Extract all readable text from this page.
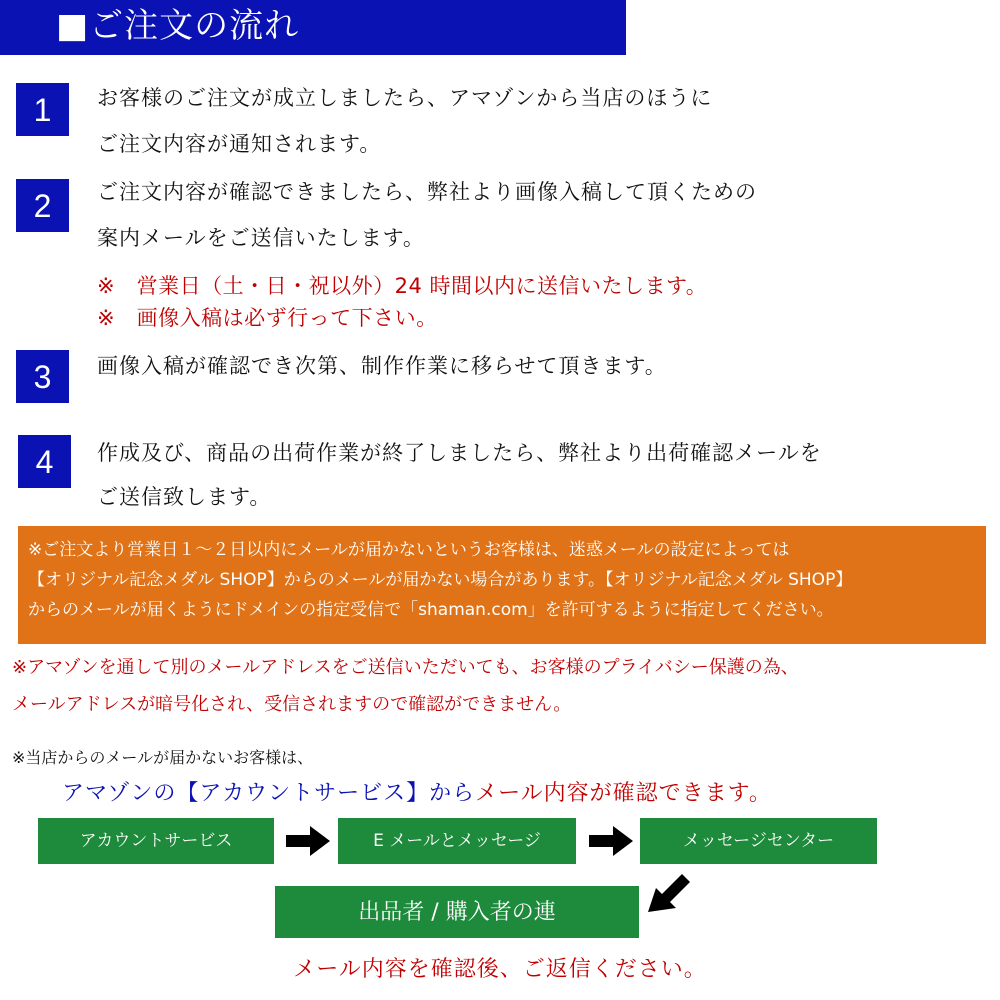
■ご注文の流れ
1	お客様のご注文が成立しましたら、アマゾンから当店のほうに
ご注文内容が通知されます。
2	ご注文内容が確認できましたら、弊社より画像入稿して頂くための
案内メールをご送信いたします。
※　営業日（土・日・祝以外）24 時間以内に送信いたします。
※　画像入稿は必ず行って下さい。
3	画像入稿が確認でき次第、制作作業に移らせて頂きます。
4	作成及び、商品の出荷作業が終了しましたら、弊社より出荷確認メールを
ご送信致します。
※ご注文より営業日１～２日以内にメールが届かないというお客様は、迷惑メールの設定によっては
【オリジナル記念メダル SHOP】からのメールが届かない場合があります。【オリジナル記念メダル SHOP】
からのメールが届くようにドメインの指定受信で「shaman.com」を許可するように指定してください。
※アマゾンを通して別のメールアドレスをご送信いただいても、お客様のプライバシー保護の為、
メールアドレスが暗号化され、受信されますので確認ができません。
※当店からのメールが届かないお客様は、
アマゾンの【アカウントサービス】からメール内容が確認できます。
アカウントサービス	E メールとメッセージ	メッセージセンター
出品者 / 購入者の連
メール内容を確認後、ご返信ください。
